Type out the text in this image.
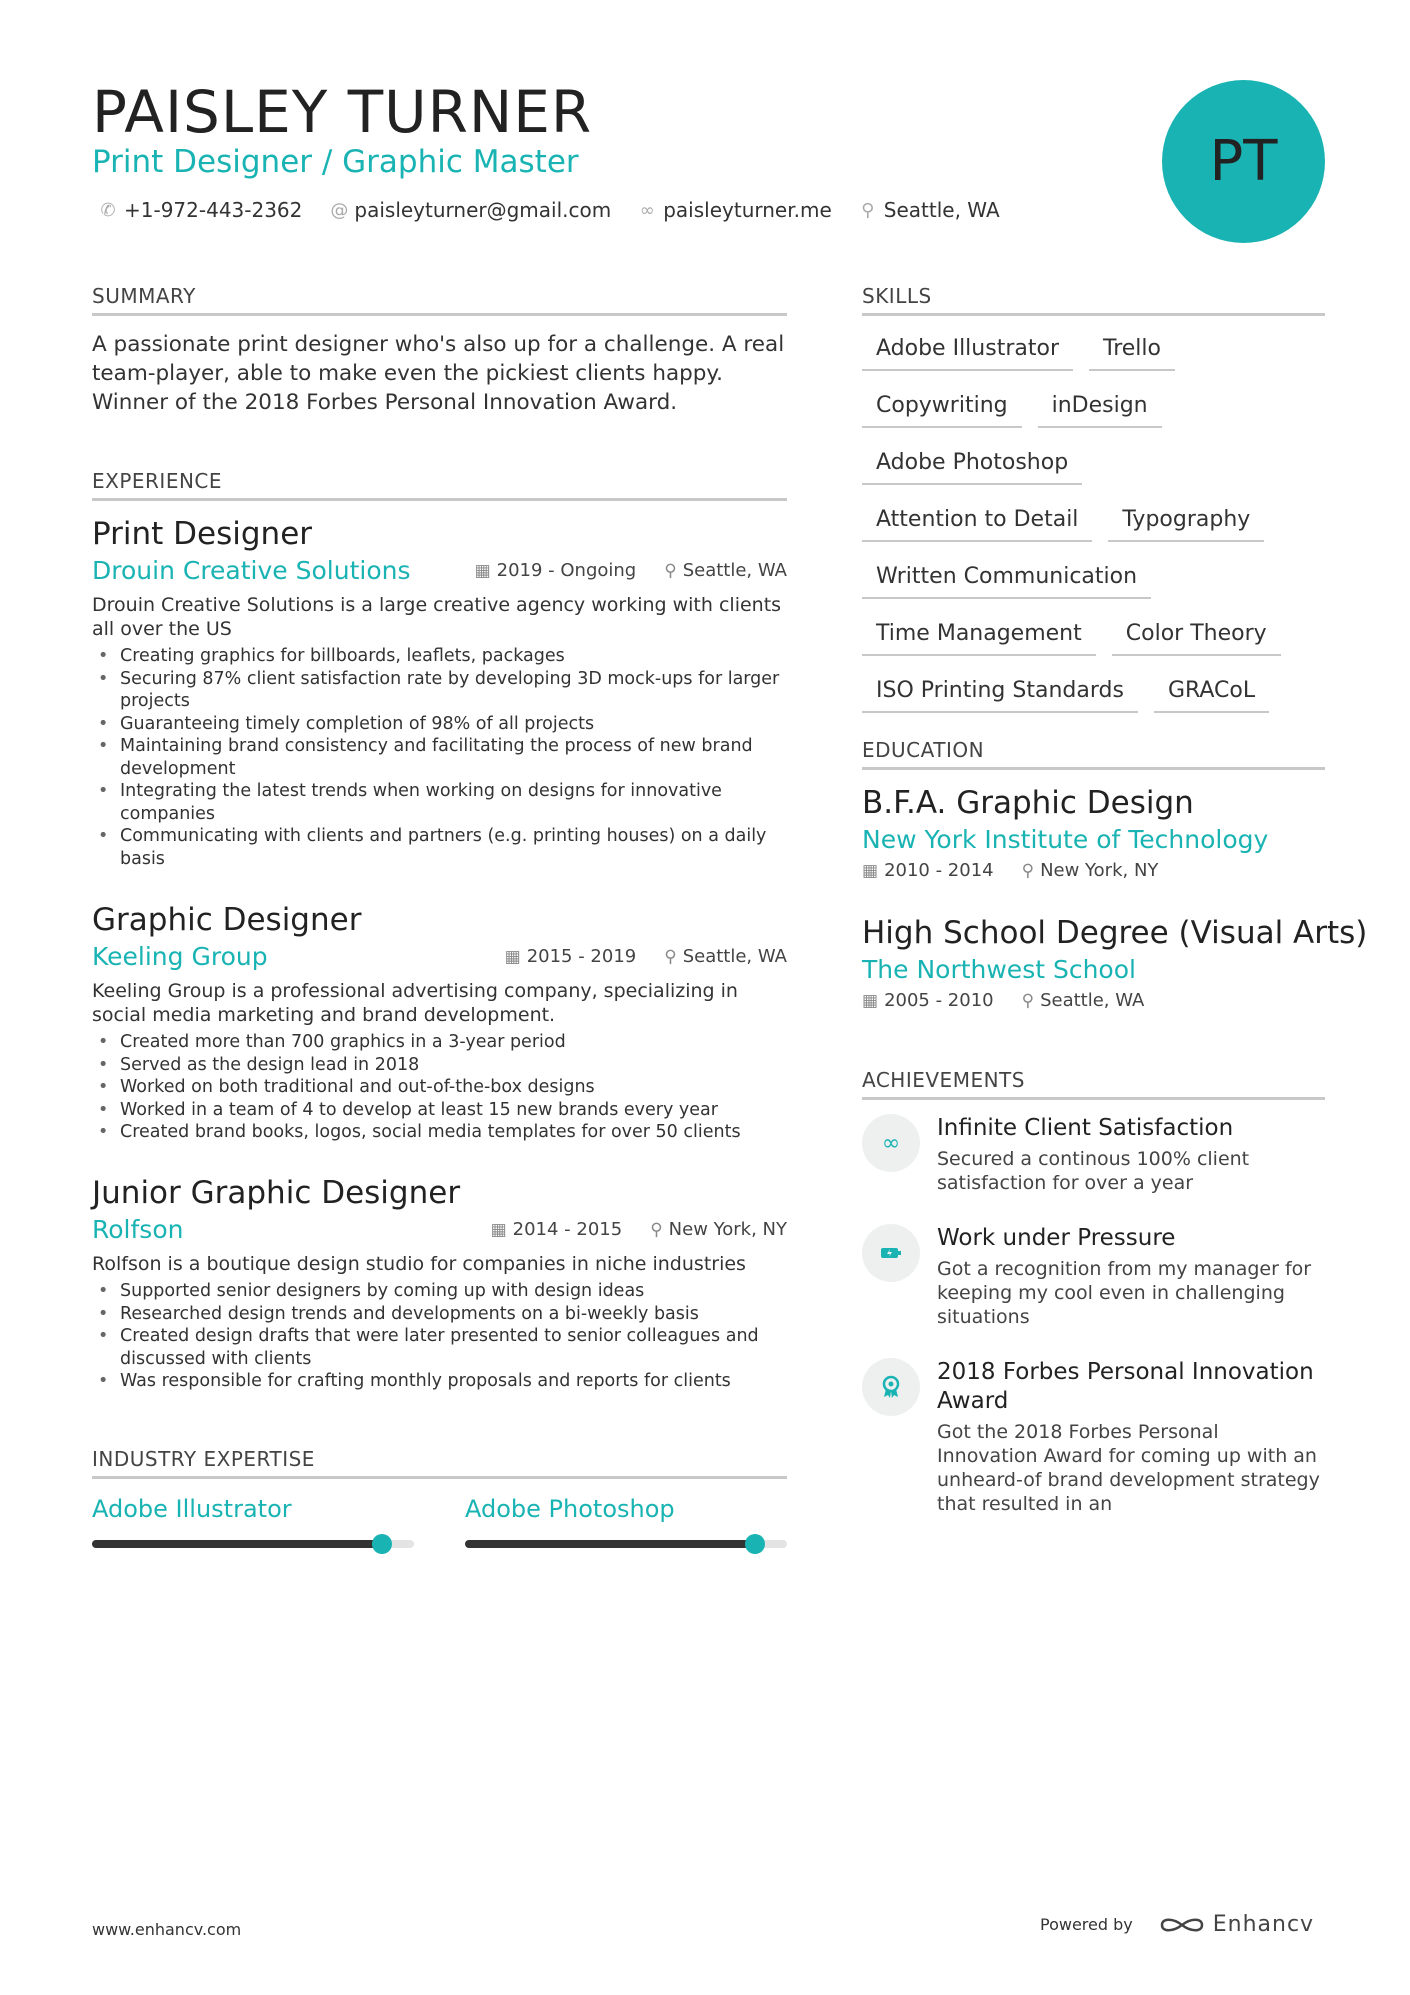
PAISLEY TURNER
Print Designer / Graphic Master
✆ +1-972-443-2362 @ paisleyturner@gmail.com ∞ paisleyturner.me ⚲ Seattle, WA
PT
SUMMARY
A passionate print designer who's also up for a challenge. A real team-player, able to make even the pickiest clients happy. Winner of the 2018 Forbes Personal Innovation Award.
EXPERIENCE
Print Designer
Drouin Creative Solutions	▦ 2019 - Ongoing ⚲ Seattle, WA
Drouin Creative Solutions is a large creative agency working with clients all over the US
• Creating graphics for billboards, leaflets, packages
• Securing 87% client satisfaction rate by developing 3D mock-ups for larger projects
• Guaranteeing timely completion of 98% of all projects
• Maintaining brand consistency and facilitating the process of new brand development
• Integrating the latest trends when working on designs for innovative companies
• Communicating with clients and partners (e.g. printing houses) on a daily basis
Graphic Designer
Keeling Group	▦ 2015 - 2019 ⚲ Seattle, WA
Keeling Group is a professional advertising company, specializing in social media marketing and brand development.
• Created more than 700 graphics in a 3-year period
• Served as the design lead in 2018
• Worked on both traditional and out-of-the-box designs
• Worked in a team of 4 to develop at least 15 new brands every year
• Created brand books, logos, social media templates for over 50 clients
Junior Graphic Designer
Rolfson	▦ 2014 - 2015 ⚲ New York, NY
Rolfson is a boutique design studio for companies in niche industries
• Supported senior designers by coming up with design ideas
• Researched design trends and developments on a bi-weekly basis
• Created design drafts that were later presented to senior colleagues and discussed with clients
• Was responsible for crafting monthly proposals and reports for clients
INDUSTRY EXPERTISE
Adobe Illustrator	Adobe Photoshop
SKILLS
Adobe Illustrator	Trello
Copywriting	inDesign
Adobe Photoshop
Attention to Detail	Typography
Written Communication
Time Management	Color Theory
ISO Printing Standards	GRACoL
EDUCATION
B.F.A. Graphic Design
New York Institute of Technology
▦ 2010 - 2014 ⚲ New York, NY
High School Degree (Visual Arts)
The Northwest School
▦ 2005 - 2010 ⚲ Seattle, WA
ACHIEVEMENTS
∞
Infinite Client Satisfaction
Secured a continous 100% client satisfaction for over a year
Work under Pressure
Got a recognition from my manager for keeping my cool even in challenging situations
2018 Forbes Personal Innovation Award
Got the 2018 Forbes Personal Innovation Award for coming up with an unheard-of brand development strategy that resulted in an
www.enhancv.com	Powered by	Enhancv
